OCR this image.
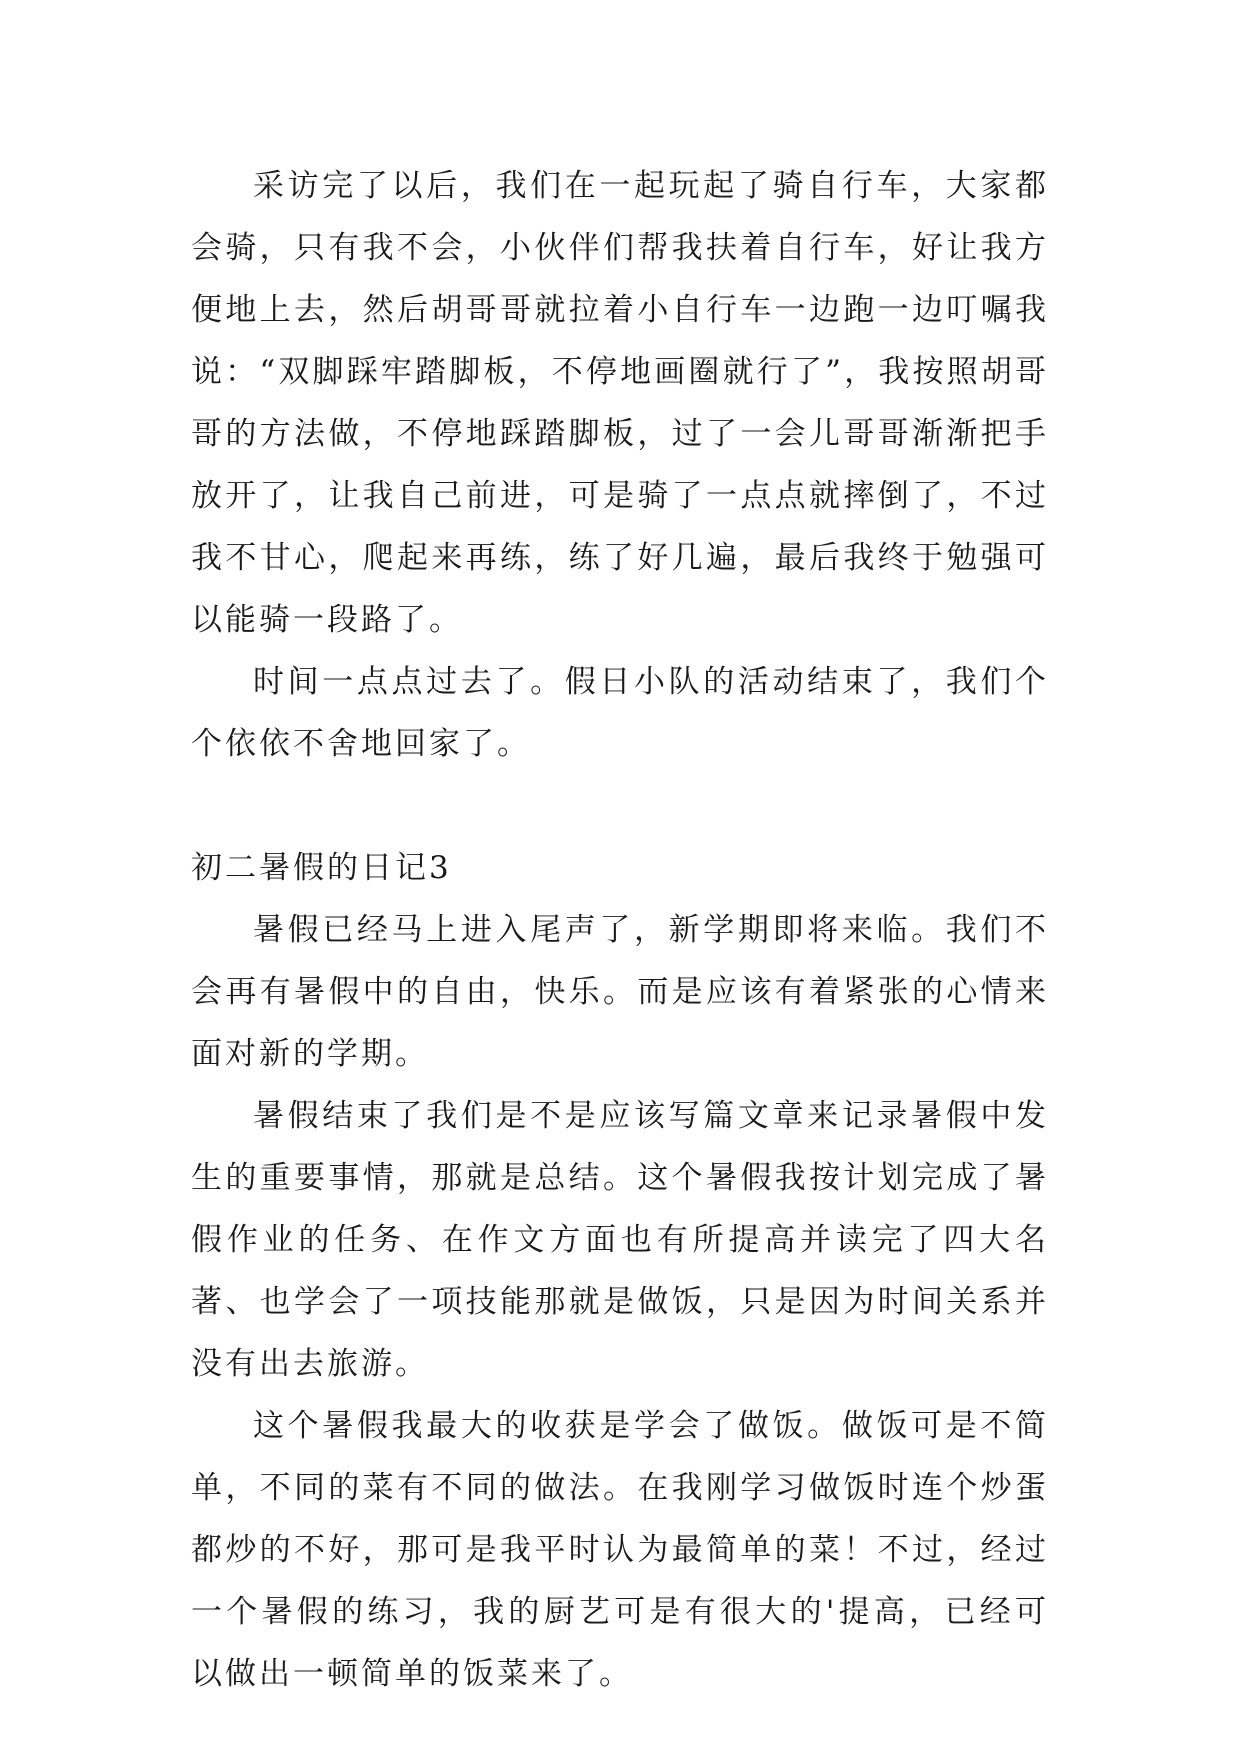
采访完了以后，我们在一起玩起了骑自行车，大家都会骑，只有我不会，小伙伴们帮我扶着自行车，好让我方便地上去，然后胡哥哥就拉着小自行车一边跑一边叮嘱我说：“双脚踩牢踏脚板，不停地画圈就行了”，我按照胡哥哥的方法做，不停地踩踏脚板，过了一会儿哥哥渐渐把手放开了，让我自己前进，可是骑了一点点就摔倒了，不过我不甘心，爬起来再练，练了好几遍，最后我终于勉强可以能骑一段路了。

时间一点点过去了。假日小队的活动结束了，我们个个依依不舍地回家了。

初二暑假的日记3

暑假已经马上进入尾声了，新学期即将来临。我们不会再有暑假中的自由，快乐。而是应该有着紧张的心情来面对新的学期。

暑假结束了我们是不是应该写篇文章来记录暑假中发生的重要事情，那就是总结。这个暑假我按计划完成了暑假作业的任务、在作文方面也有所提高并读完了四大名著、也学会了一项技能那就是做饭，只是因为时间关系并没有出去旅游。

这个暑假我最大的收获是学会了做饭。做饭可是不简单，不同的菜有不同的做法。在我刚学习做饭时连个炒蛋都炒的不好，那可是我平时认为最简单的菜！不过，经过一个暑假的练习，我的厨艺可是有很大的'提高，已经可以做出一顿简单的饭菜来了。
